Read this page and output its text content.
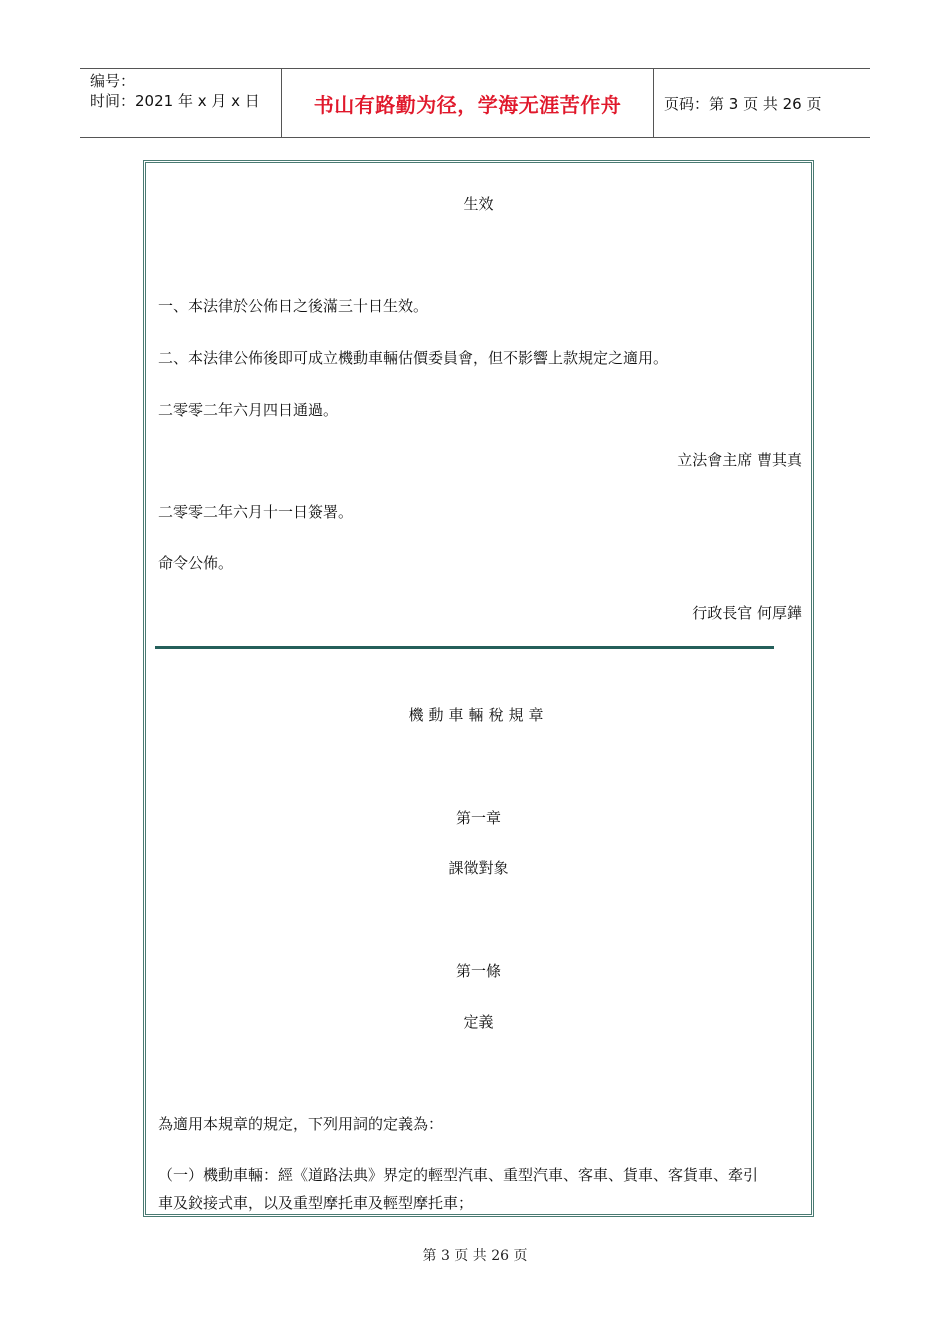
编号：
时间：2021 年 x 月 x 日	书山有路勤为径，学海无涯苦作舟	页码：第 3 页 共 26 页
生效
一、本法律於公佈日之後滿三十日生效。
二、本法律公佈後即可成立機動車輛估價委員會，但不影響上款規定之適用。
二零零二年六月四日通過。
立法會主席 曹其真
二零零二年六月十一日簽署。
命令公佈。
行政長官 何厚鏵
機動車輛稅規章
第一章
課徵對象
第一條
定義
為適用本規章的規定，下列用詞的定義為：
（一）機動車輛：經《道路法典》界定的輕型汽車、重型汽車、客車、貨車、客貨車、牽引
車及鉸接式車，以及重型摩托車及輕型摩托車；
第 3 页 共 26 页
